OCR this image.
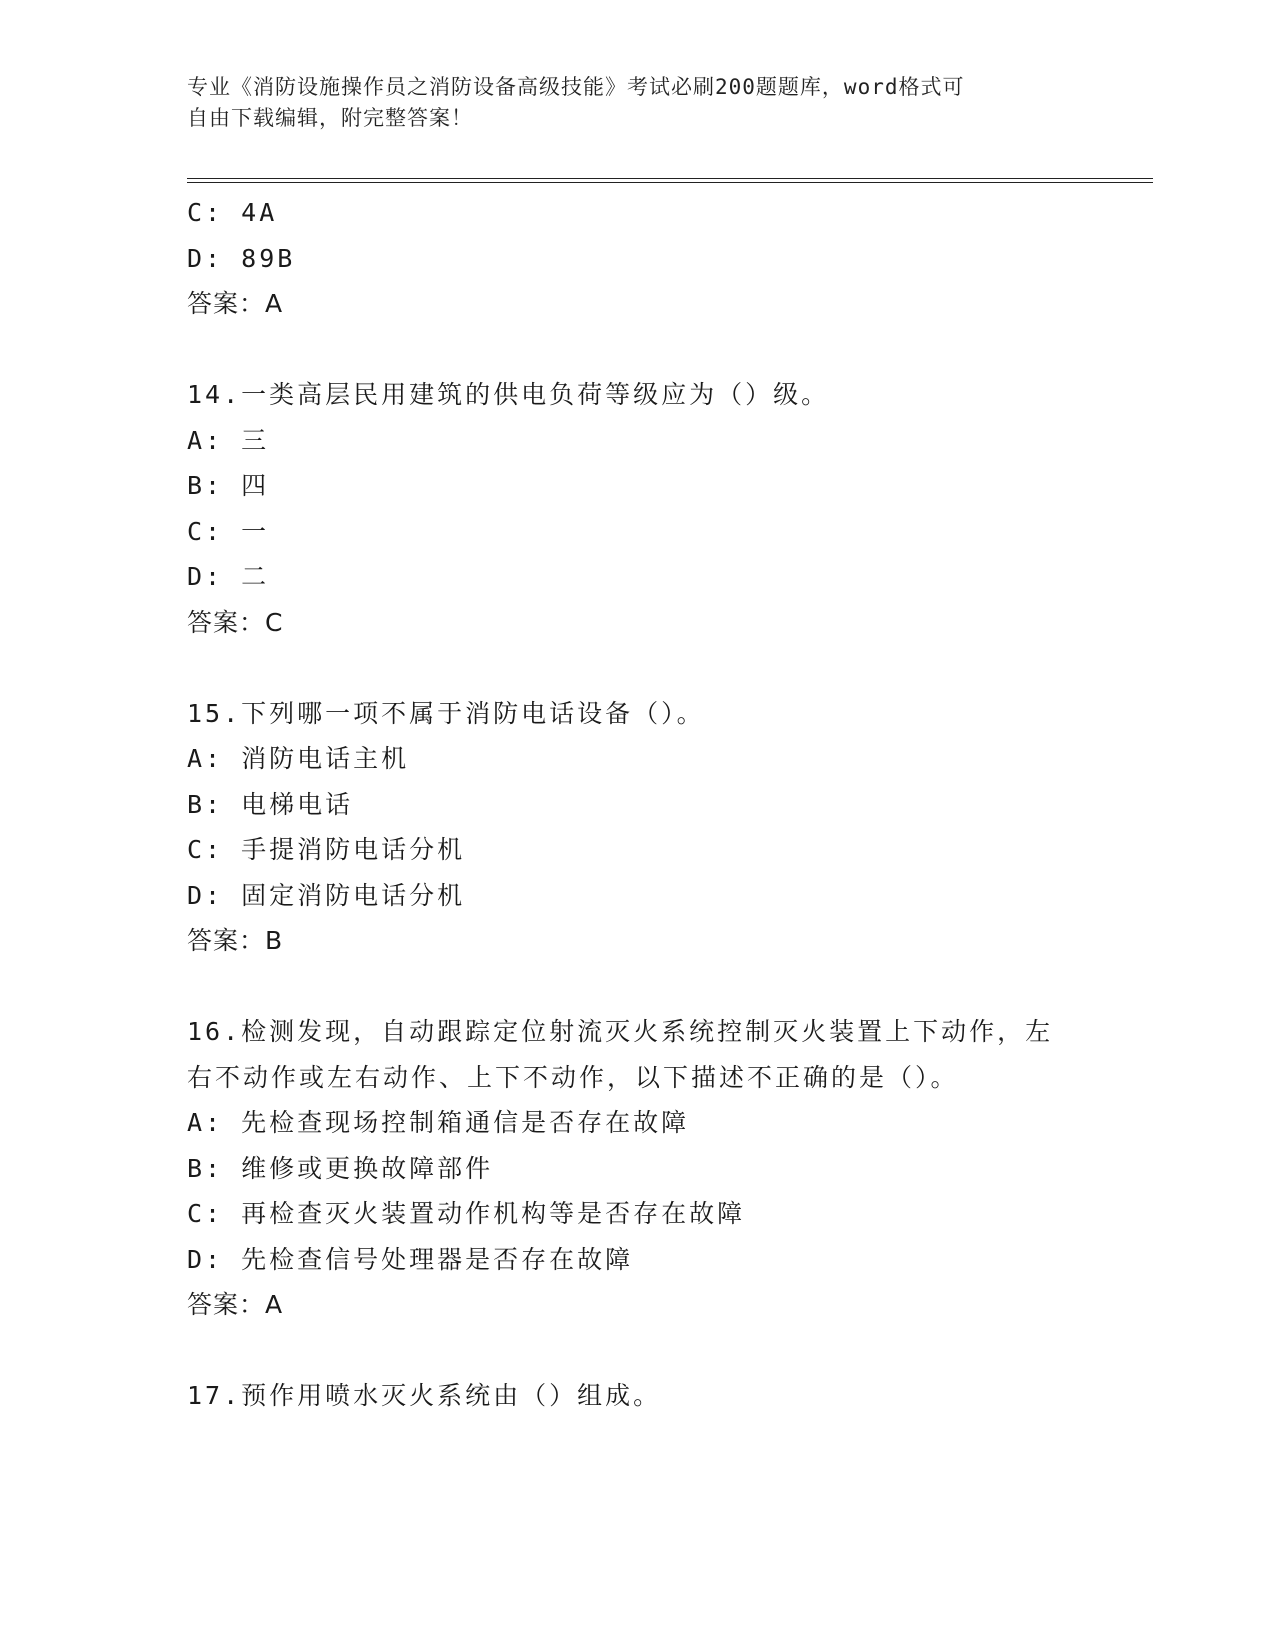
专业《消防设施操作员之消防设备高级技能》考试必刷200题题库，word格式可
自由下载编辑，附完整答案！
C: 4A
D: 89B
答案：A
14.一类高层民用建筑的供电负荷等级应为（）级。
A: 三
B: 四
C: 一
D: 二
答案：C
15.下列哪一项不属于消防电话设备（）。
A: 消防电话主机
B: 电梯电话
C: 手提消防电话分机
D: 固定消防电话分机
答案：B
16.检测发现，自动跟踪定位射流灭火系统控制灭火装置上下动作，左
右不动作或左右动作、上下不动作，以下描述不正确的是（）。
A: 先检查现场控制箱通信是否存在故障
B: 维修或更换故障部件
C: 再检查灭火装置动作机构等是否存在故障
D: 先检查信号处理器是否存在故障
答案：A
17.预作用喷水灭火系统由（）组成。
